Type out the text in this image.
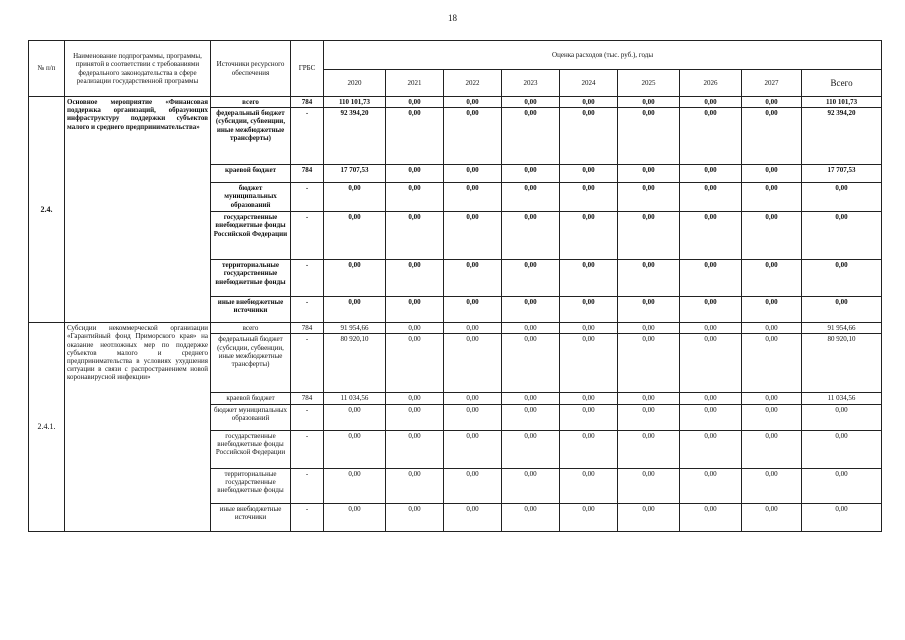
18
№ п/п	Наименование подпрограммы, программы, принятой в соответствии с требованиями федерального законодательства в сфере реализации государственной программы	Источники ресурсного обеспечения	ГРБС	Оценка расходов (тыс. руб.), годы								
				2020	2021	2022	2023	2024	2025	2026	2027	Всего
2.4.	Основное мероприятие «Финансовая поддержка организаций, образующих инфраструктуру поддержки субъектов малого и среднего предпринимательства»	всего	784	110 101,73	0,00	0,00	0,00	0,00	0,00	0,00	0,00	110 101,73
		федеральный бюджет (субсидии, субвенции, иные межбюджетные трансферты)	-	92 394,20	0,00	0,00	0,00	0,00	0,00	0,00	0,00	92 394,20
		краевой бюджет	784	17 707,53	0,00	0,00	0,00	0,00	0,00	0,00	0,00	17 707,53
		бюджет муниципальных образований	-	0,00	0,00	0,00	0,00	0,00	0,00	0,00	0,00	0,00
		государственные внебюджетные фонды Российской Федерации	-	0,00	0,00	0,00	0,00	0,00	0,00	0,00	0,00	0,00
		территориальные государственные внебюджетные фонды	-	0,00	0,00	0,00	0,00	0,00	0,00	0,00	0,00	0,00
		иные внебюджетные источники	-	0,00	0,00	0,00	0,00	0,00	0,00	0,00	0,00	0,00
2.4.1.	Субсидии некоммерческой организации «Гарантийный фонд Приморского края» на оказание неотложных мер по поддержке субъектов малого и среднего предпринимательства в условиях ухудшения ситуации в связи с распространением новой коронавирусной инфекции»	всего	784	91 954,66	0,00	0,00	0,00	0,00	0,00	0,00	0,00	91 954,66
		федеральный бюджет (субсидии, субвенции, иные межбюджетные трансферты)	-	80 920,10	0,00	0,00	0,00	0,00	0,00	0,00	0,00	80 920,10
		краевой бюджет	784	11 034,56	0,00	0,00	0,00	0,00	0,00	0,00	0,00	11 034,56
		бюджет муниципальных образований	-	0,00	0,00	0,00	0,00	0,00	0,00	0,00	0,00	0,00
		государственные внебюджетные фонды Российской Федерации	-	0,00	0,00	0,00	0,00	0,00	0,00	0,00	0,00	0,00
		территориальные государственные внебюджетные фонды	-	0,00	0,00	0,00	0,00	0,00	0,00	0,00	0,00	0,00
		иные внебюджетные источники	-	0,00	0,00	0,00	0,00	0,00	0,00	0,00	0,00	0,00
